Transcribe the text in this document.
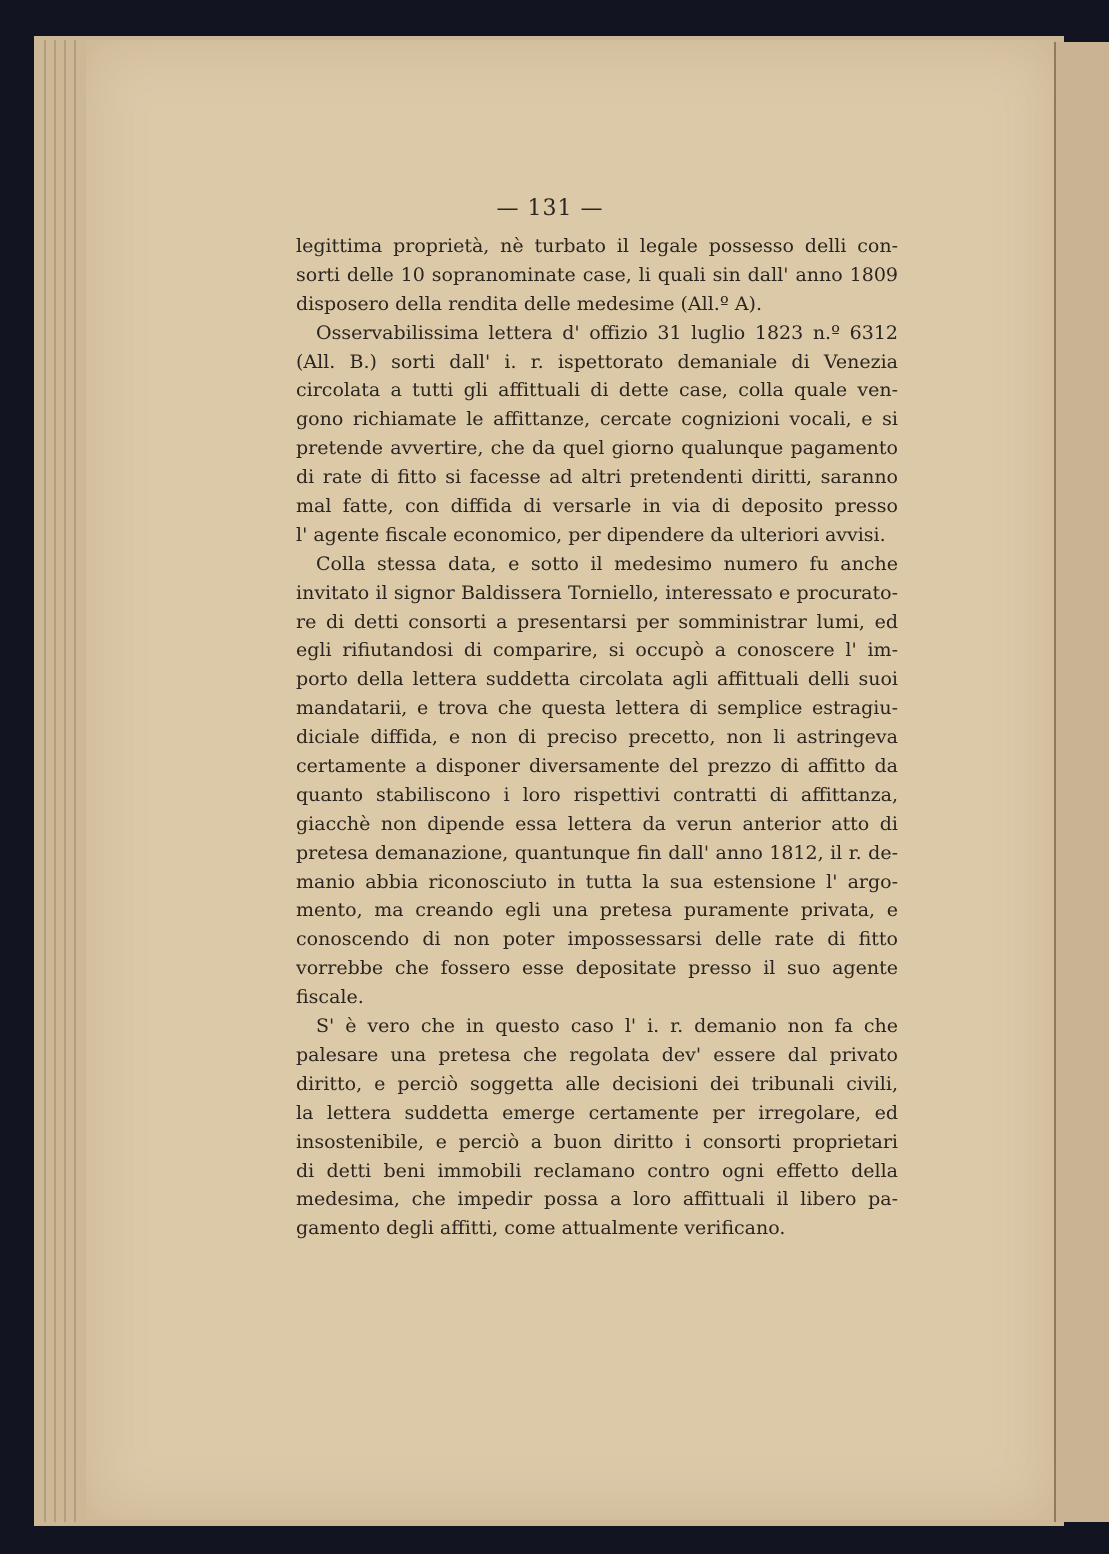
— 131 —
legittima proprietà, nè turbato il legale possesso delli con-
sorti delle 10 sopranominate case, li quali sin dall' anno 1809
disposero della rendita delle medesime (All.º A).
Osservabilissima lettera d' offizio 31 luglio 1823 n.º 6312
(All. B.) sorti dall' i. r. ispettorato demaniale di Venezia
circolata a tutti gli affittuali di dette case, colla quale ven-
gono richiamate le affittanze, cercate cognizioni vocali, e si
pretende avvertire, che da quel giorno qualunque pagamento
di rate di fitto si facesse ad altri pretendenti diritti, saranno
mal fatte, con diffida di versarle in via di deposito presso
l' agente fiscale economico, per dipendere da ulteriori avvisi.
Colla stessa data, e sotto il medesimo numero fu anche
invitato il signor Baldissera Torniello, interessato e procurato-
re di detti consorti a presentarsi per somministrar lumi, ed
egli rifiutandosi di comparire, si occupò a conoscere l' im-
porto della lettera suddetta circolata agli affittuali delli suoi
mandatarii, e trova che questa lettera di semplice estragiu-
diciale diffida, e non di preciso precetto, non li astringeva
certamente a disponer diversamente del prezzo di affitto da
quanto stabiliscono i loro rispettivi contratti di affittanza,
giacchè non dipende essa lettera da verun anterior atto di
pretesa demanazione, quantunque fin dall' anno 1812, il r. de-
manio abbia riconosciuto in tutta la sua estensione l' argo-
mento, ma creando egli una pretesa puramente privata, e
conoscendo di non poter impossessarsi delle rate di fitto
vorrebbe che fossero esse depositate presso il suo agente
fiscale.
S' è vero che in questo caso l' i. r. demanio non fa che
palesare una pretesa che regolata dev' essere dal privato
diritto, e perciò soggetta alle decisioni dei tribunali civili,
la lettera suddetta emerge certamente per irregolare, ed
insostenibile, e perciò a buon diritto i consorti proprietari
di detti beni immobili reclamano contro ogni effetto della
medesima, che impedir possa a loro affittuali il libero pa-
gamento degli affitti, come attualmente verificano.
